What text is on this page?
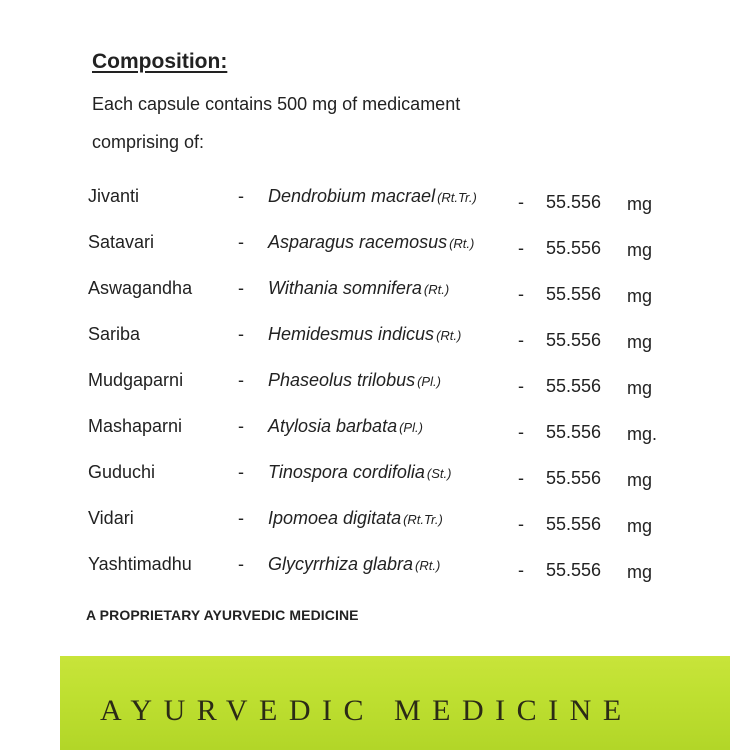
Composition:
Each capsule contains 500 mg of medicament
comprising of:
Jivanti	- Dendrobium macrael (Rt.Tr.) - 55.556 mg
Satavari	- Asparagus racemosus (Rt.) - 55.556 mg
Aswagandha	- Withania somnifera (Rt.)	- 55.556 mg
Sariba	- Hemidesmus indicus (Rt.)	- 55.556 mg
Mudgaparni	- Phaseolus trilobus (Pl.)	- 55.556 mg
Mashaparni	- Atylosia barbata (Pl.)	- 55.556 mg.
Guduchi	- Tinospora cordifolia (St.)	- 55.556 mg
Vidari	- Ipomoea digitata (Rt.Tr.)	- 55.556 mg
Yashtimadhu	- Glycyrrhiza glabra (Rt.)	- 55.556 mg
A PROPRIETARY AYURVEDIC MEDICINE
AYURVEDIC MEDICINE
